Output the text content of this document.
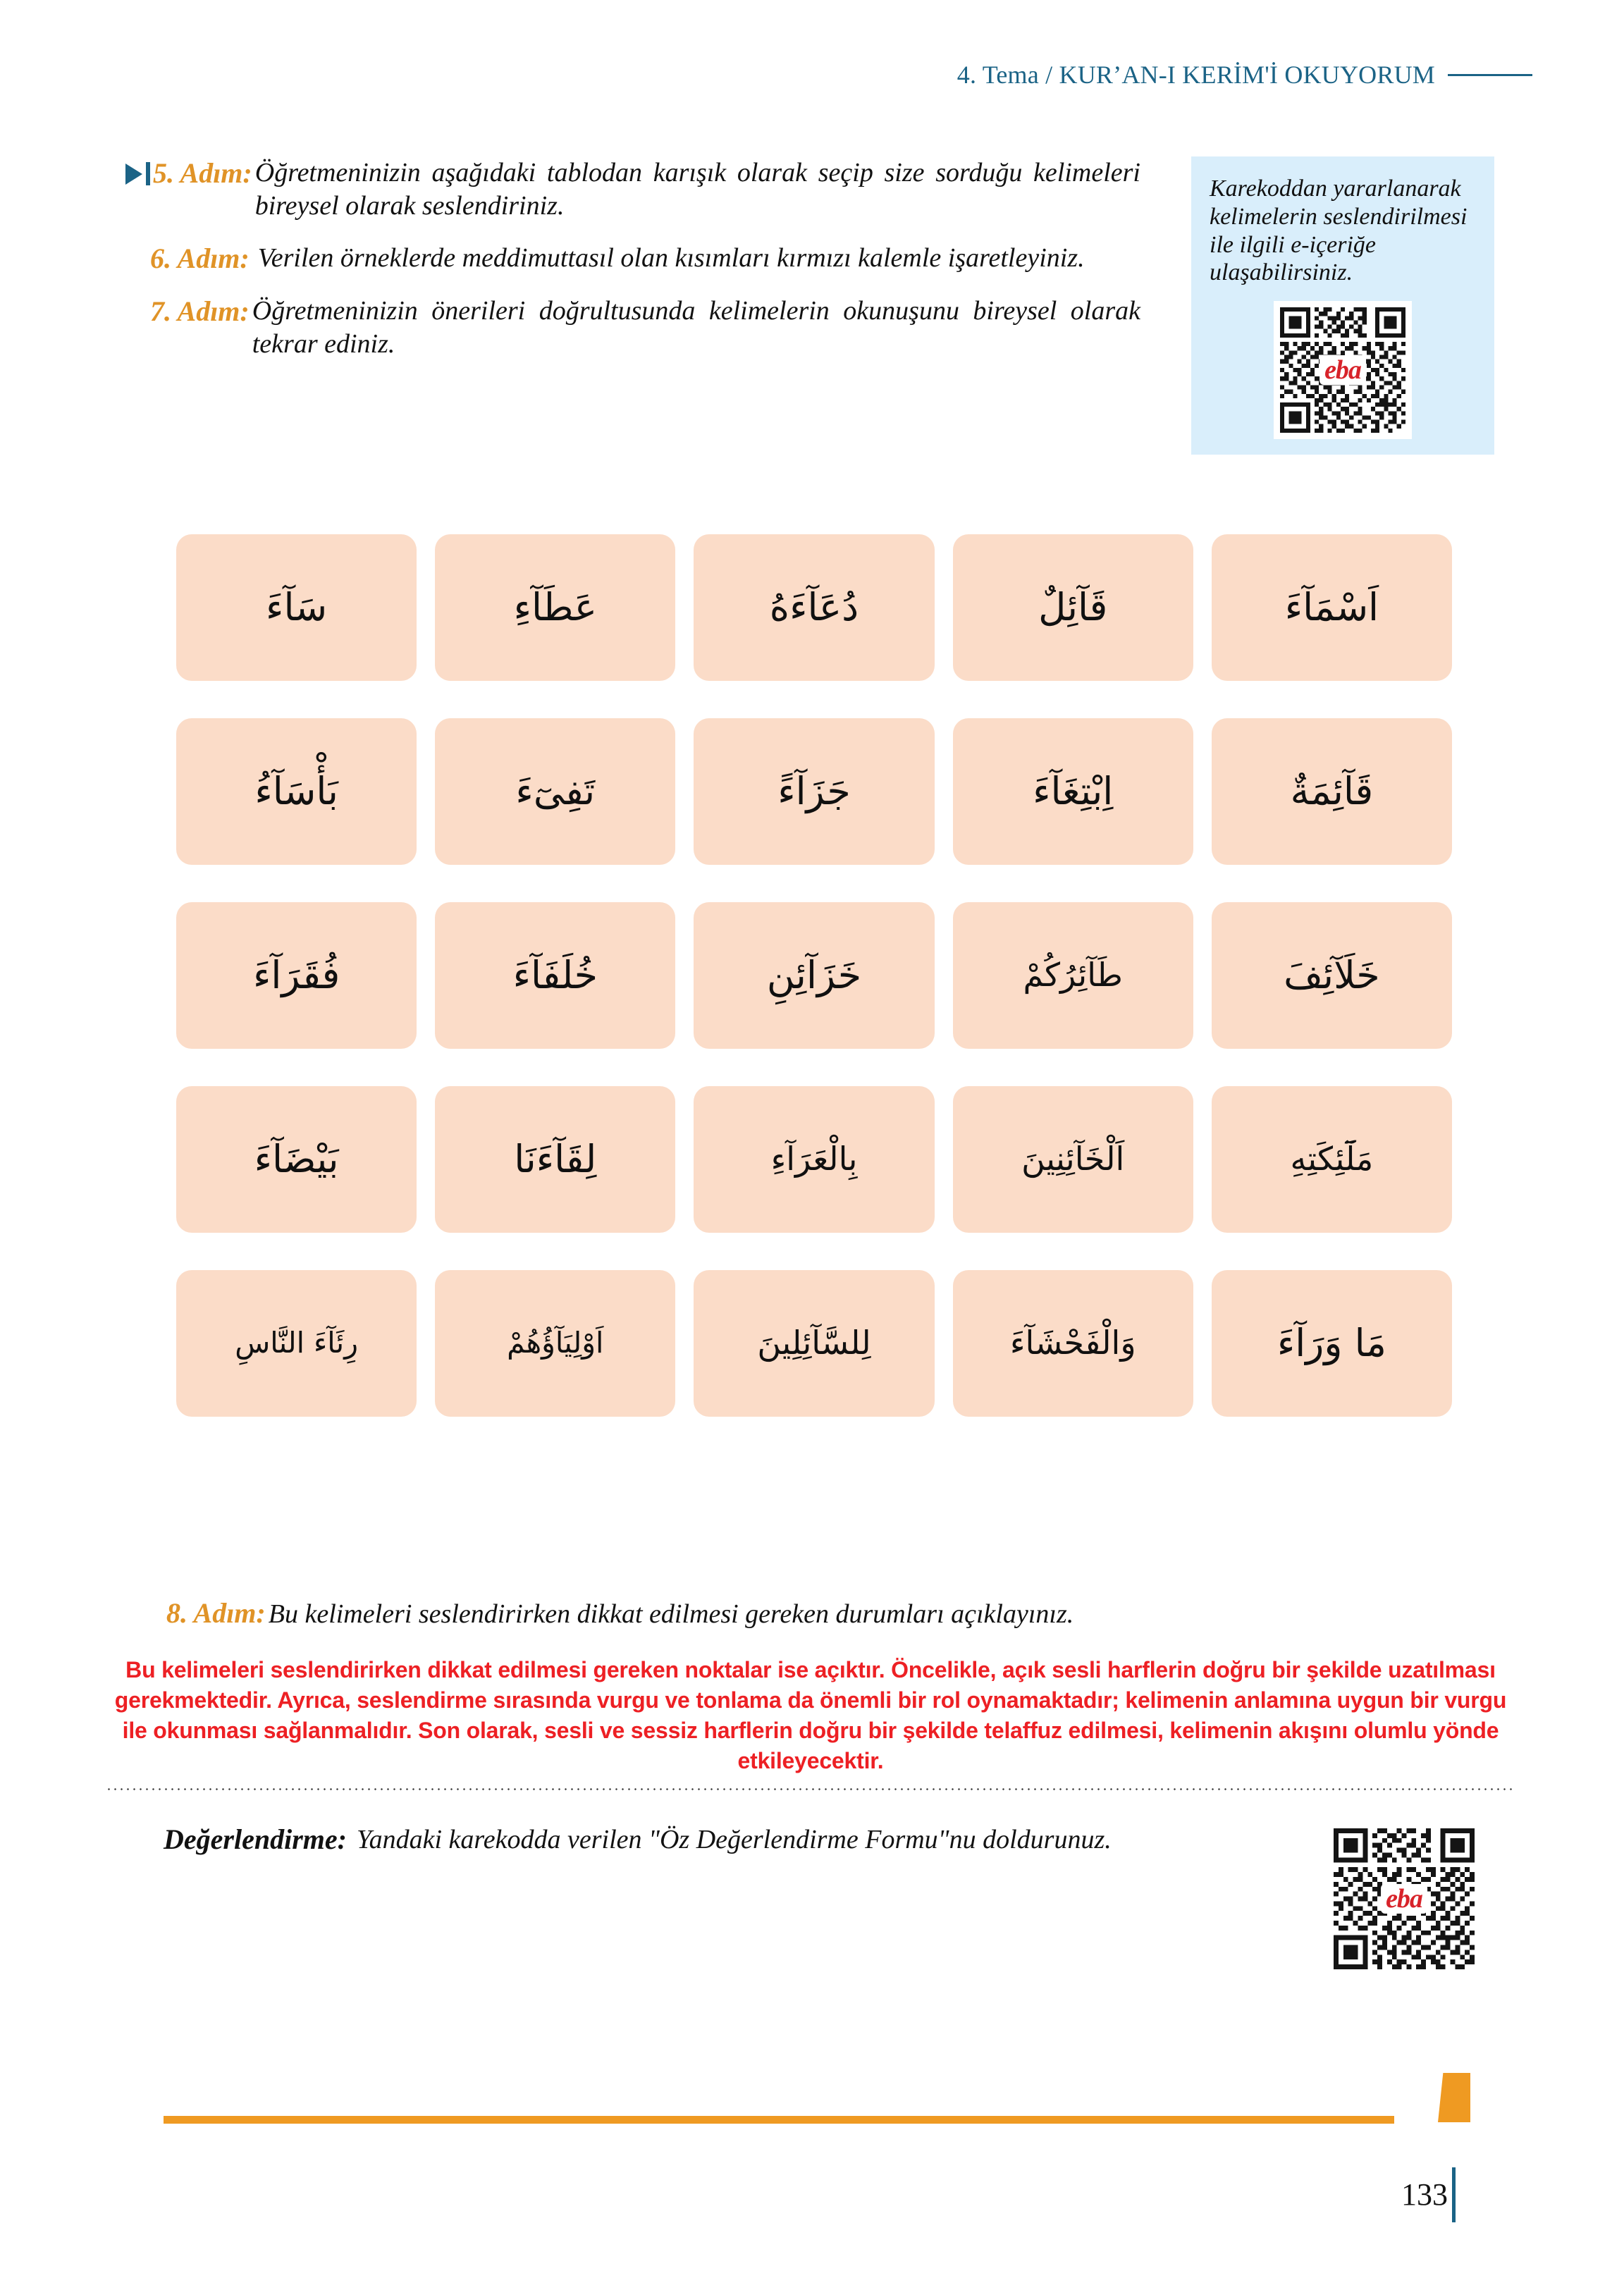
4. Tema / KUR’AN-I KERİM'İ OKUYORUM
5. Adım: Öğretmeninizin aşağıdaki tablodan karışık olarak seçip size sorduğu kelimeleri bireysel olarak seslendiriniz.
6. Adım: Verilen örneklerde meddimuttasıl olan kısımları kırmızı kalemle işaretleyiniz.
7. Adım: Öğretmeninizin önerileri doğrultusunda kelimelerin okunuşunu bireysel olarak tekrar ediniz.
Karekoddan yararlanarak kelimelerin seslendirilmesi ile ilgili e-içeriğe ulaşabilirsiniz.
eba
سَآءَ	عَطَآءِ	دُعَآءَهُ	قَآئِلٌ	اَسْمَآءَ
بَأْسَآءُ	تَفِىٓءَ	جَزَآءً	اِبْتِغَآءَ	قَآئِمَةٌ
فُقَرَآءَ	خُلَفَآءَ	خَزَآئِنِ	طَآئِرُكُمْ	خَلَآئِفَ
بَيْضَآءَ	لِقَآءَنَا	بِالْعَرَآءِ	اَلْخَآئِنِينَ	مَلَٓئِكَتِهِ
رِئَآءَ النَّاسِ	اَوْلِيَآؤُهُمْ	لِلسَّآئِلِينَ	وَالْفَحْشَآءَ	مَا وَرَآءَ
8. Adım: Bu kelimeleri seslendirirken dikkat edilmesi gereken durumları açıklayınız.
Bu kelimeleri seslendirirken dikkat edilmesi gereken noktalar ise açıktır. Öncelikle, açık sesli harflerin doğru bir şekilde uzatılması gerekmektedir. Ayrıca, seslendirme sırasında vurgu ve tonlama da önemli bir rol oynamaktadır; kelimenin anlamına uygun bir vurgu ile okunması sağlanmalıdır. Son olarak, sesli ve sessiz harflerin doğru bir şekilde telaffuz edilmesi, kelimenin akışını olumlu yönde etkileyecektir.
Değerlendirme: Yandaki karekodda verilen "Öz Değerlendirme Formu"nu doldurunuz.
eba
133
